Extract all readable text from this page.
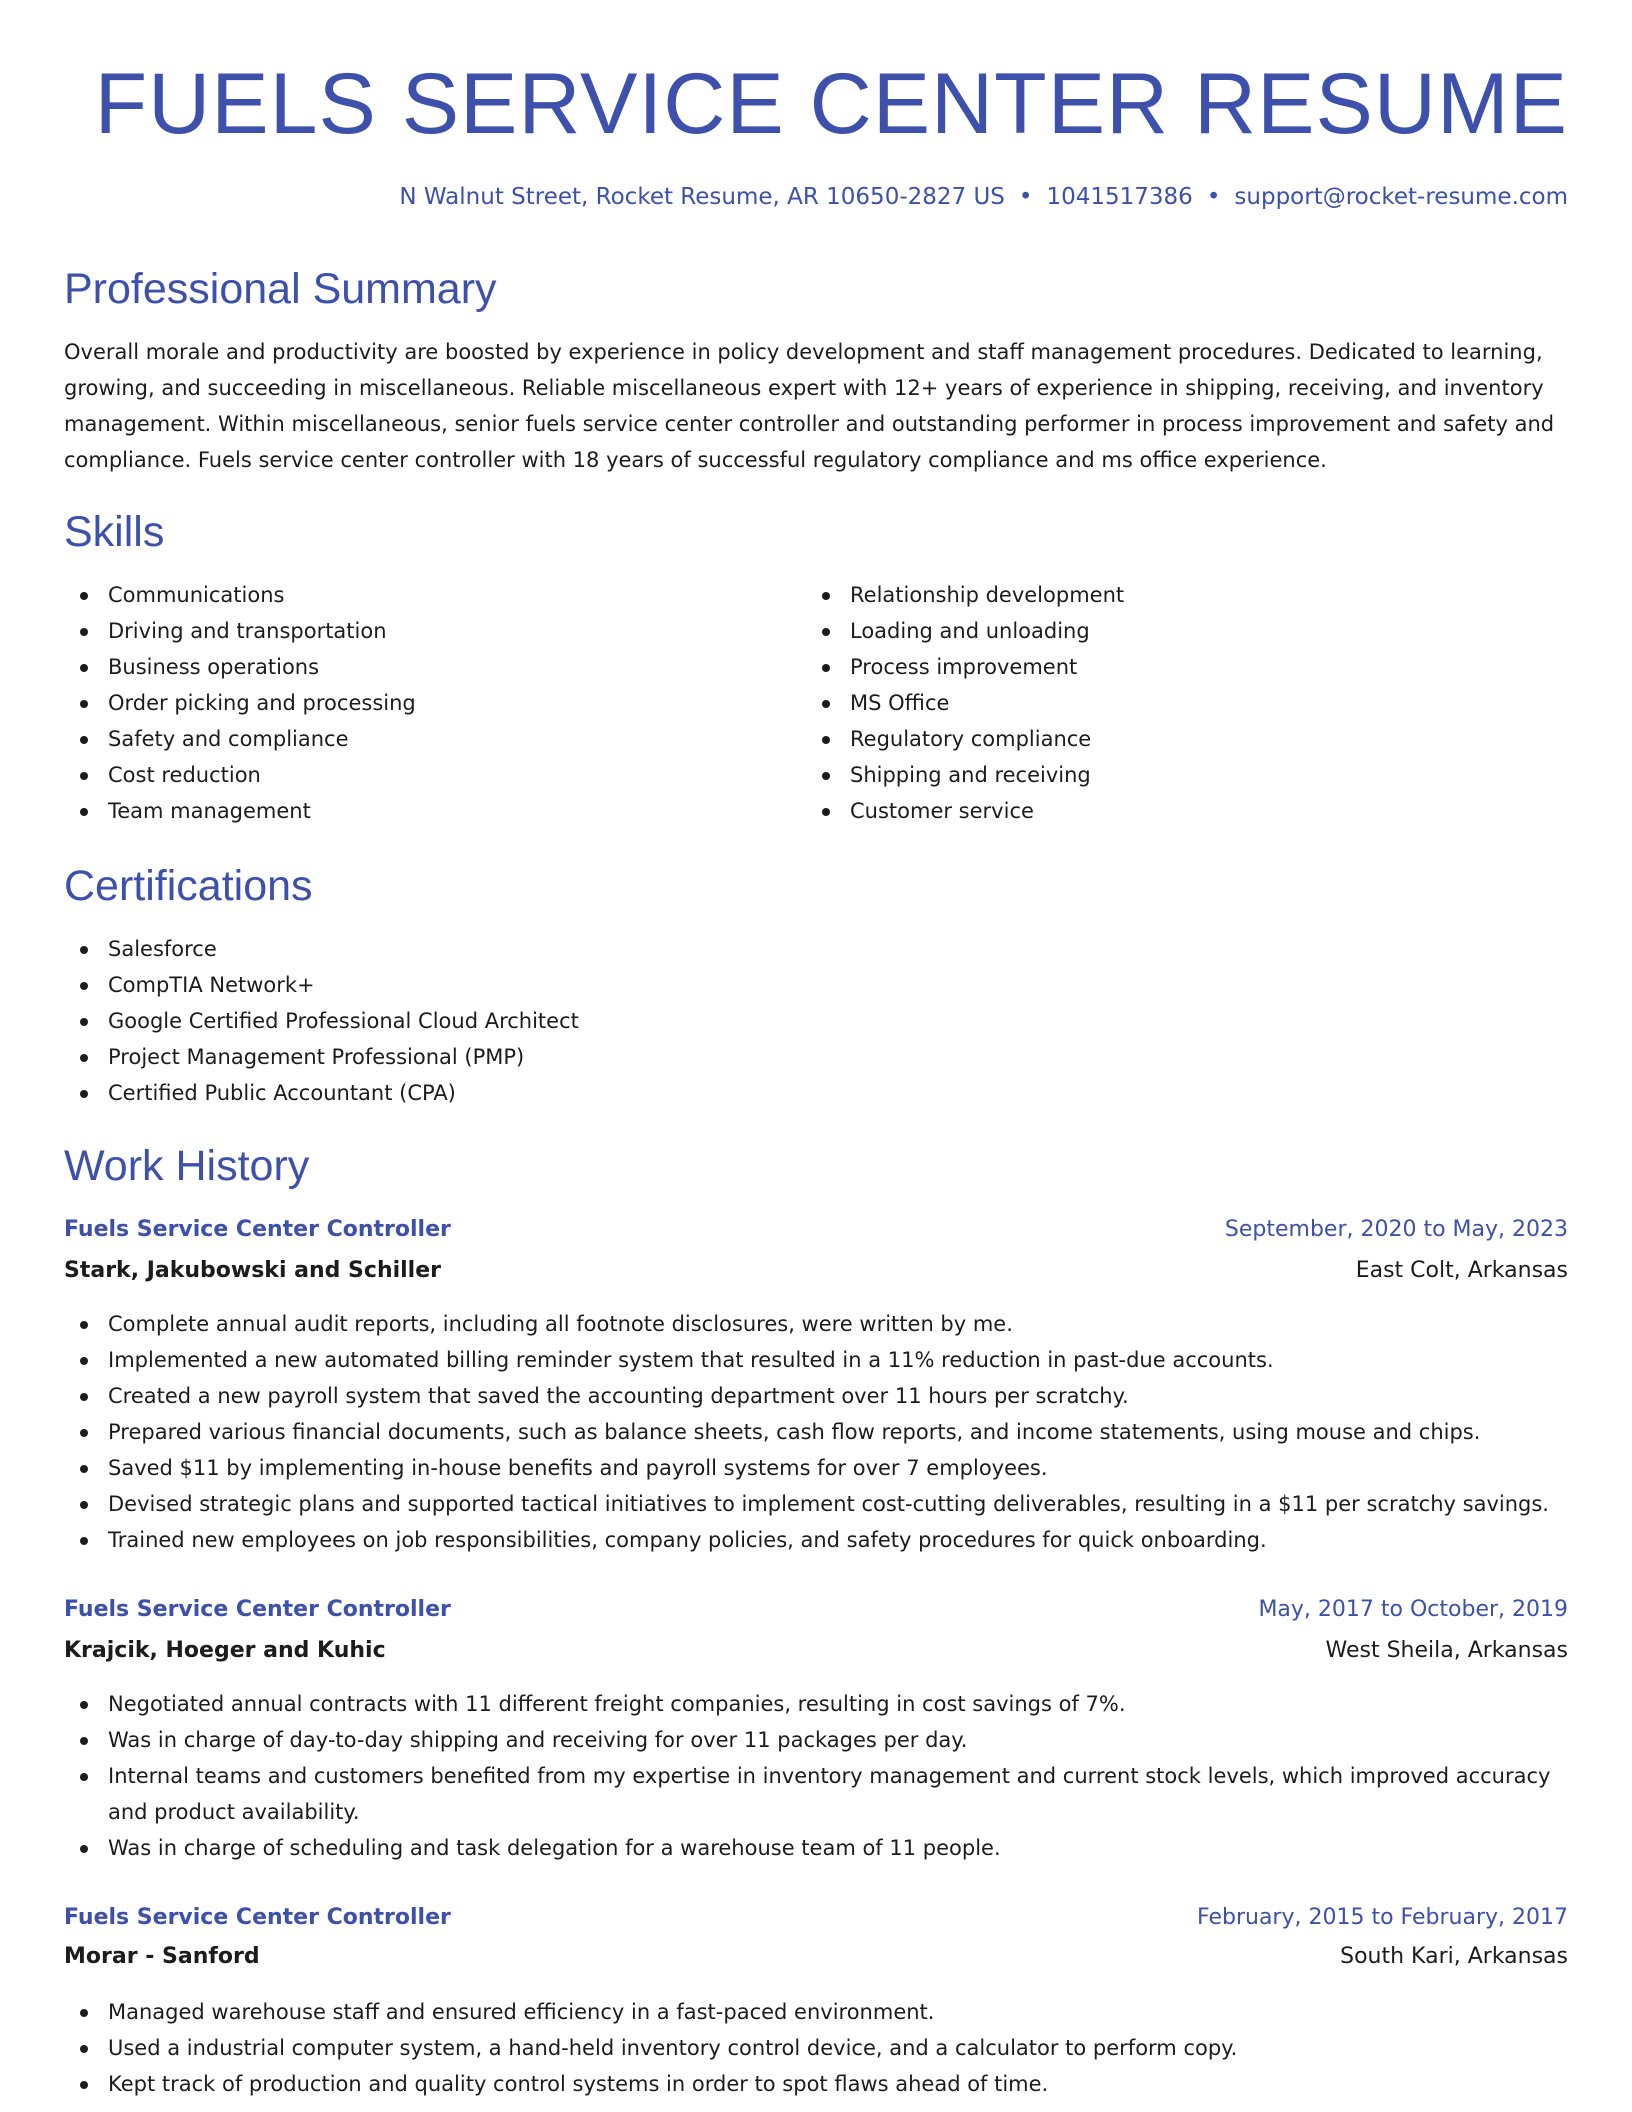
FUELS SERVICE CENTER RESUME
N Walnut Street, Rocket Resume, AR 10650-2827 US • 1041517386 • support@rocket-resume.com
Professional Summary

Overall morale and productivity are boosted by experience in policy development and staff management procedures. Dedicated to learning, growing, and succeeding in miscellaneous. Reliable miscellaneous expert with 12+ years of experience in shipping, receiving, and inventory management. Within miscellaneous, senior fuels service center controller and outstanding performer in process improvement and safety and compliance. Fuels service center controller with 18 years of successful regulatory compliance and ms office experience.

Skills
Communications
Driving and transportation
Business operations
Order picking and processing
Safety and compliance
Cost reduction
Team management
Relationship development
Loading and unloading
Process improvement
MS Office
Regulatory compliance
Shipping and receiving
Customer service
Certifications
Salesforce
CompTIA Network+
Google Certified Professional Cloud Architect
Project Management Professional (PMP)
Certified Public Accountant (CPA)
Work History
Fuels Service Center Controller	September, 2020 to May, 2023
Stark, Jakubowski and Schiller	East Colt, Arkansas
Complete annual audit reports, including all footnote disclosures, were written by me.
Implemented a new automated billing reminder system that resulted in a 11% reduction in past-due accounts.
Created a new payroll system that saved the accounting department over 11 hours per scratchy.
Prepared various financial documents, such as balance sheets, cash flow reports, and income statements, using mouse and chips.
Saved $11 by implementing in-house benefits and payroll systems for over 7 employees.
Devised strategic plans and supported tactical initiatives to implement cost-cutting deliverables, resulting in a $11 per scratchy savings.
Trained new employees on job responsibilities, company policies, and safety procedures for quick onboarding.
Fuels Service Center Controller	May, 2017 to October, 2019
Krajcik, Hoeger and Kuhic	West Sheila, Arkansas
Negotiated annual contracts with 11 different freight companies, resulting in cost savings of 7%.
Was in charge of day-to-day shipping and receiving for over 11 packages per day.
Internal teams and customers benefited from my expertise in inventory management and current stock levels, which improved accuracy and product availability.
Was in charge of scheduling and task delegation for a warehouse team of 11 people.
Fuels Service Center Controller	February, 2015 to February, 2017
Morar - Sanford	South Kari, Arkansas
Managed warehouse staff and ensured efficiency in a fast-paced environment.
Used a industrial computer system, a hand-held inventory control device, and a calculator to perform copy.
Kept track of production and quality control systems in order to spot flaws ahead of time.
